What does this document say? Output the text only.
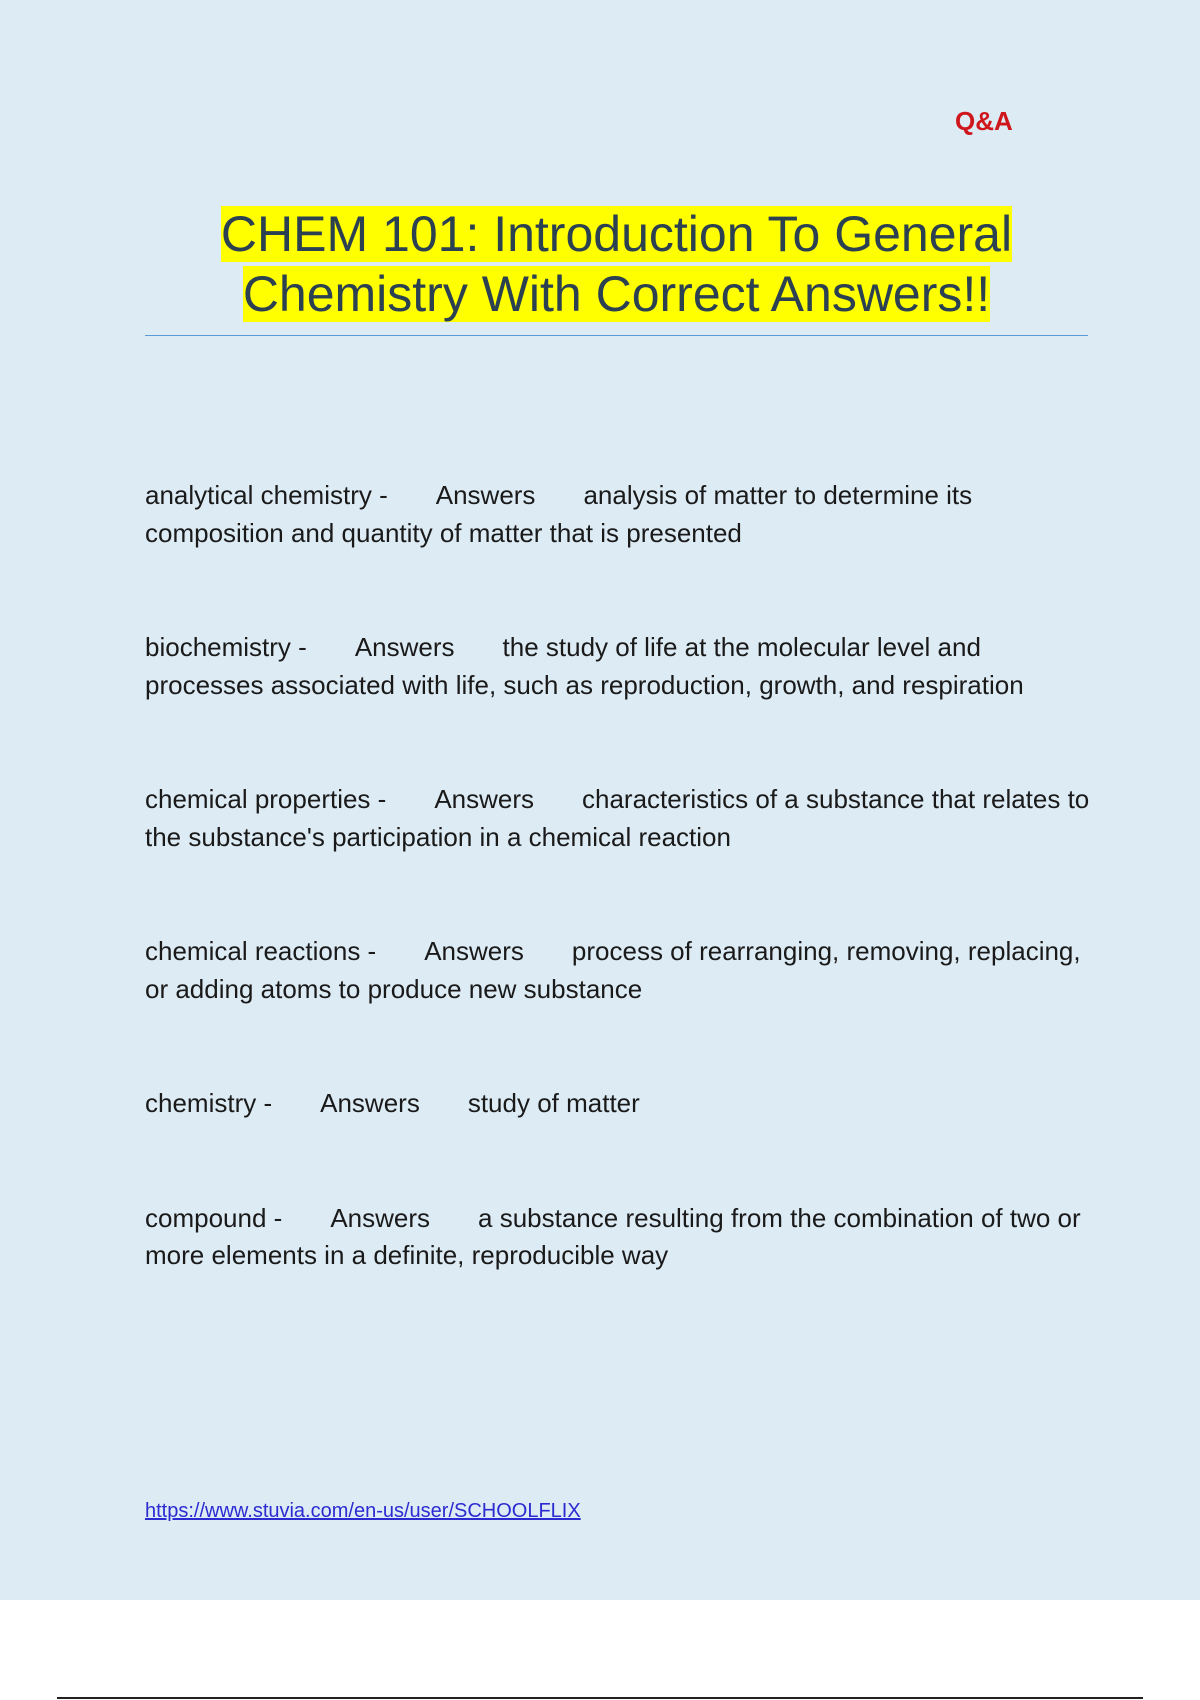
Q&A
CHEM 101: Introduction To General Chemistry With Correct Answers!!
analytical chemistry - Answers analysis of matter to determine its composition and quantity of matter that is presented
biochemistry - Answers the study of life at the molecular level and processes associated with life, such as reproduction, growth, and respiration
chemical properties - Answers characteristics of a substance that relates to the substance's participation in a chemical reaction
chemical reactions - Answers process of rearranging, removing, replacing, or adding atoms to produce new substance
chemistry - Answers study of matter
compound - Answers a substance resulting from the combination of two or more elements in a definite, reproducible way
https://www.stuvia.com/en-us/user/SCHOOLFLIX
